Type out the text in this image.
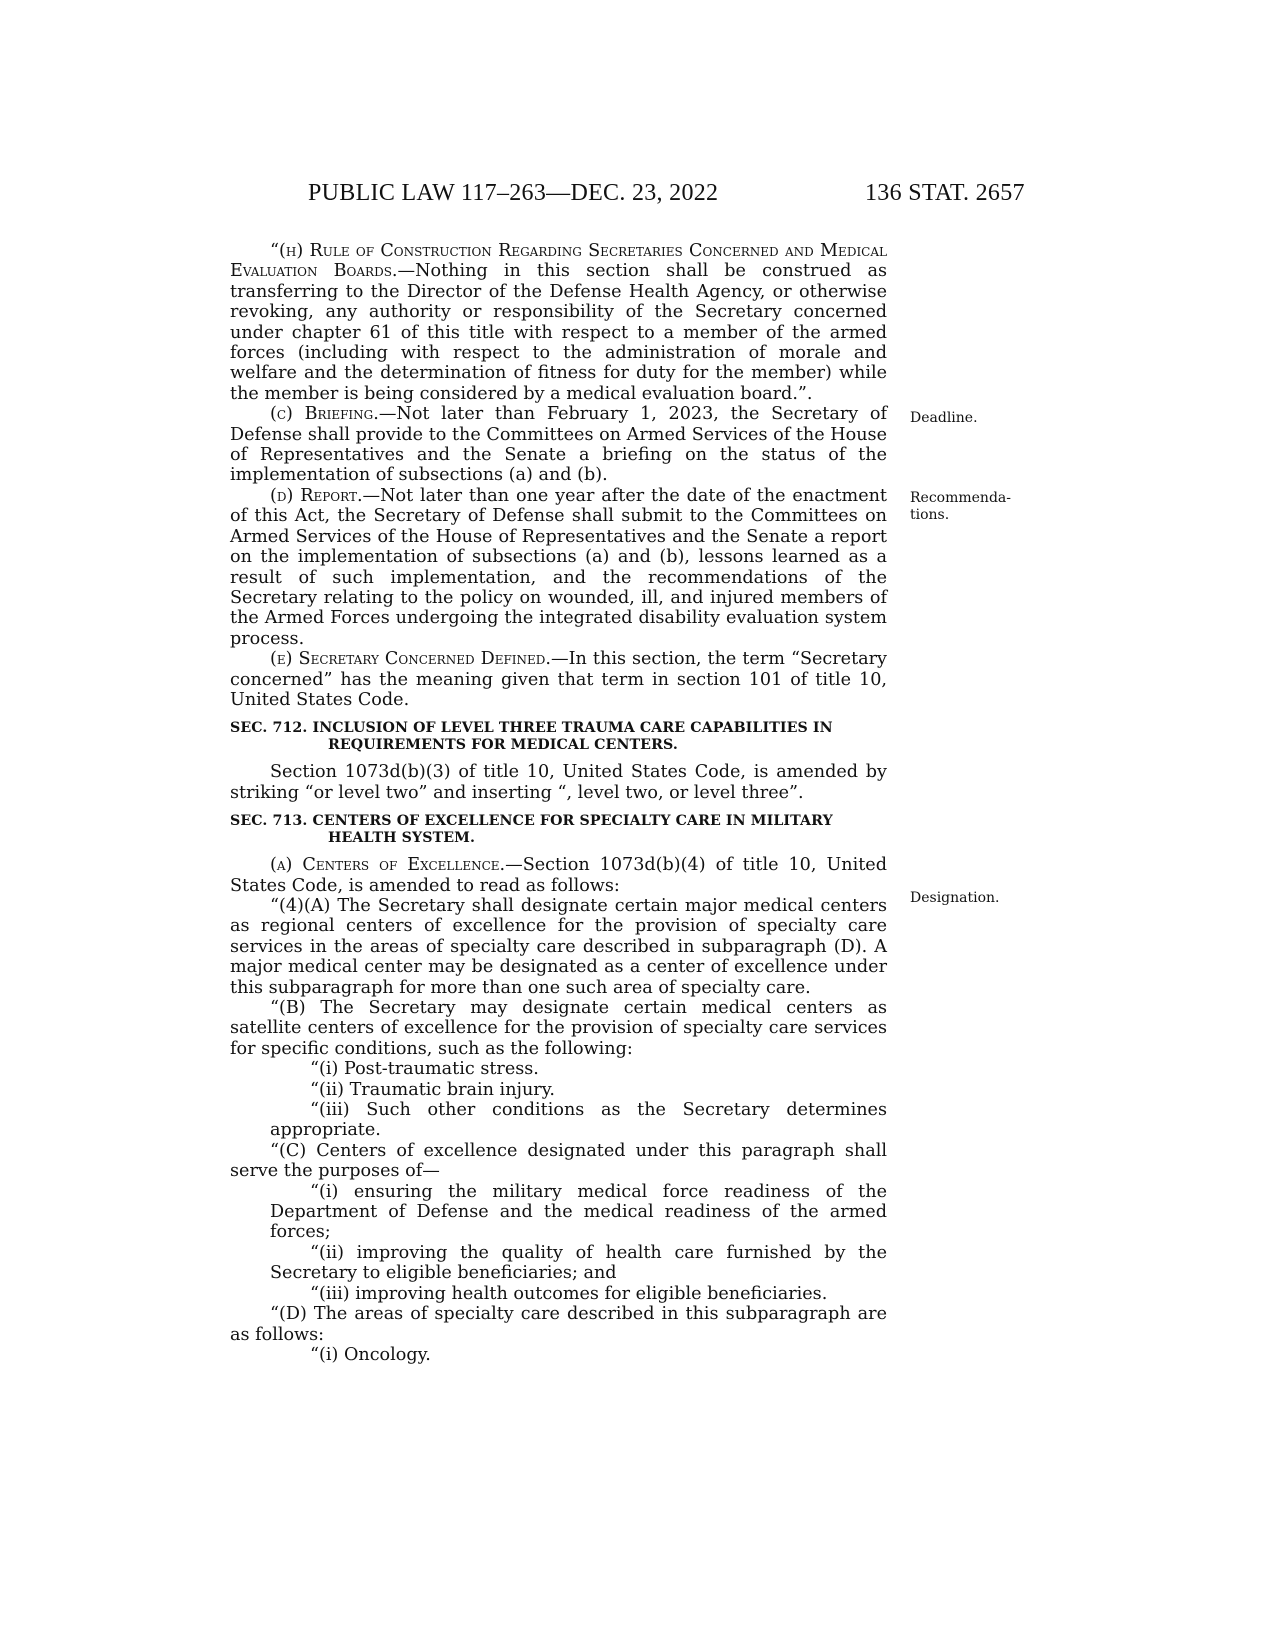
PUBLIC LAW 117–263—DEC. 23, 2022	136 STAT. 2657
Deadline.
Recommenda-
tions.
Designation.

“(h) Rule of Construction Regarding Secretaries Concerned and Medical Evaluation Boards.—Nothing in this section shall be construed as transferring to the Director of the Defense Health Agency, or otherwise revoking, any authority or responsibility of the Secretary concerned under chapter 61 of this title with respect to a member of the armed forces (including with respect to the administration of morale and welfare and the determination of fitness for duty for the member) while the member is being considered by a medical evaluation board.”.

(c) Briefing.—Not later than February 1, 2023, the Secretary of Defense shall provide to the Committees on Armed Services of the House of Representatives and the Senate a briefing on the status of the implementation of subsections (a) and (b).

(d) Report.—Not later than one year after the date of the enactment of this Act, the Secretary of Defense shall submit to the Committees on Armed Services of the House of Representatives and the Senate a report on the implementation of subsections (a) and (b), lessons learned as a result of such implementation, and the recommendations of the Secretary relating to the policy on wounded, ill, and injured members of the Armed Forces undergoing the integrated disability evaluation system process.

(e) Secretary Concerned Defined.—In this section, the term “Secretary concerned” has the meaning given that term in section 101 of title 10, United States Code.

SEC. 712. INCLUSION OF LEVEL THREE TRAUMA CARE CAPABILITIES IN REQUIREMENTS FOR MEDICAL CENTERS.

Section 1073d(b)(3) of title 10, United States Code, is amended by striking “or level two” and inserting “, level two, or level three”.

SEC. 713. CENTERS OF EXCELLENCE FOR SPECIALTY CARE IN MILITARY HEALTH SYSTEM.

(a) Centers of Excellence.—Section 1073d(b)(4) of title 10, United States Code, is amended to read as follows:

“(4)(A) The Secretary shall designate certain major medical centers as regional centers of excellence for the provision of specialty care services in the areas of specialty care described in subparagraph (D). A major medical center may be designated as a center of excellence under this subparagraph for more than one such area of specialty care.

“(B) The Secretary may designate certain medical centers as satellite centers of excellence for the provision of specialty care services for specific conditions, such as the following:

“(i) Post-traumatic stress.

“(ii) Traumatic brain injury.

“(iii) Such other conditions as the Secretary determines appropriate.

“(C) Centers of excellence designated under this paragraph shall serve the purposes of—

“(i) ensuring the military medical force readiness of the Department of Defense and the medical readiness of the armed forces;

“(ii) improving the quality of health care furnished by the Secretary to eligible beneficiaries; and

“(iii) improving health outcomes for eligible beneficiaries.

“(D) The areas of specialty care described in this subparagraph are as follows:

“(i) Oncology.
